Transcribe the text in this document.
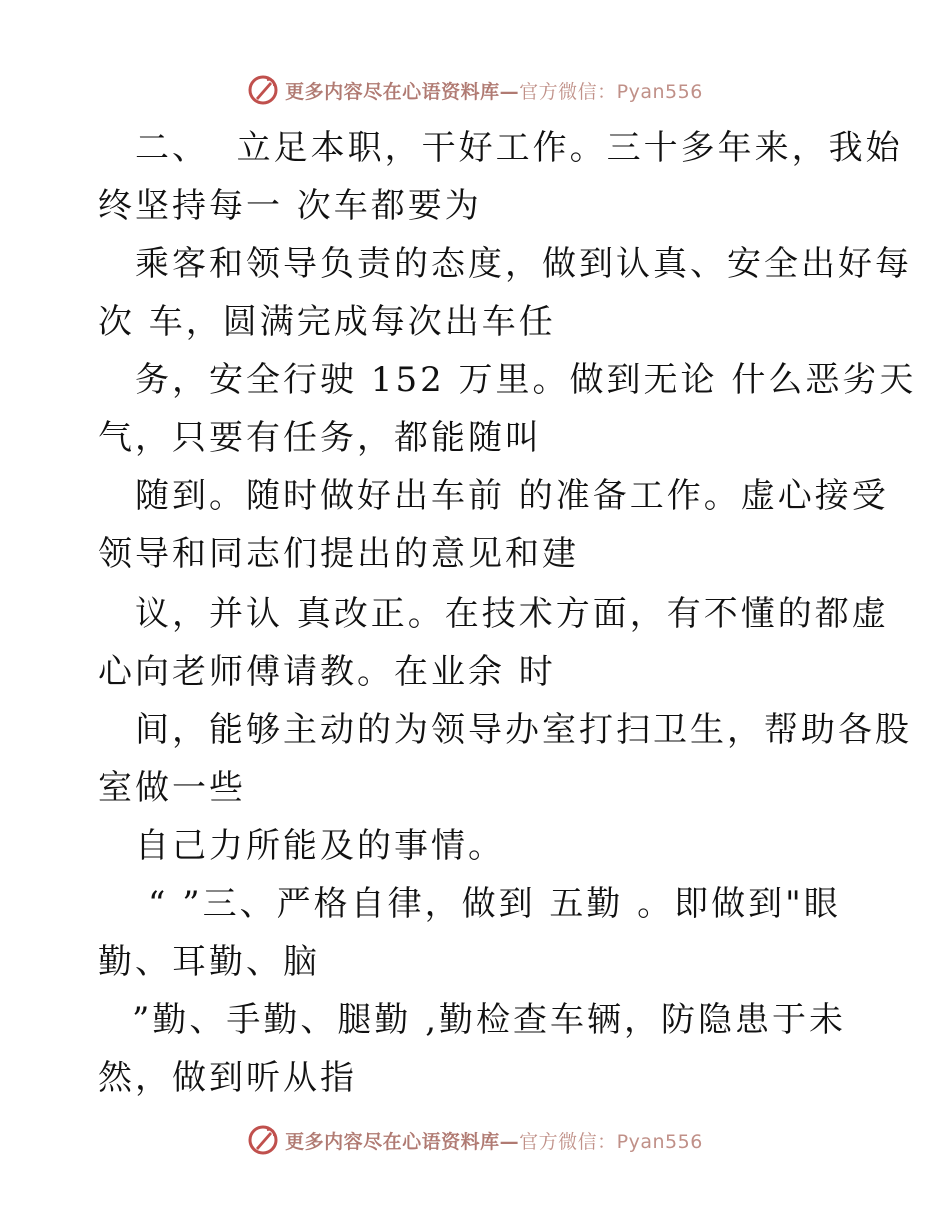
更多内容尽在心语资料库—官方微信：Pyan556
二、  立足本职，干好工作。三十多年来，我始
终坚持每一 次车都要为
乘客和领导负责的态度，做到认真、安全出好每
次 车，圆满完成每次出车任
务，安全行驶 152 万里。做到无论 什么恶劣天
气，只要有任务，都能随叫
随到。随时做好出车前 的准备工作。虚心接受
领导和同志们提出的意见和建
议，并认 真改正。在技术方面，有不懂的都虚
心向老师傅请教。在业余 时
间，能够主动的为领导办室打扫卫生，帮助各股
室做一些
自己力所能及的事情。
“ ”三、严格自律，做到 五勤 。即做到"眼
勤、耳勤、脑
”勤、手勤、腿勤 ,勤检查车辆，防隐患于未
然，做到听从指
更多内容尽在心语资料库—官方微信：Pyan556
